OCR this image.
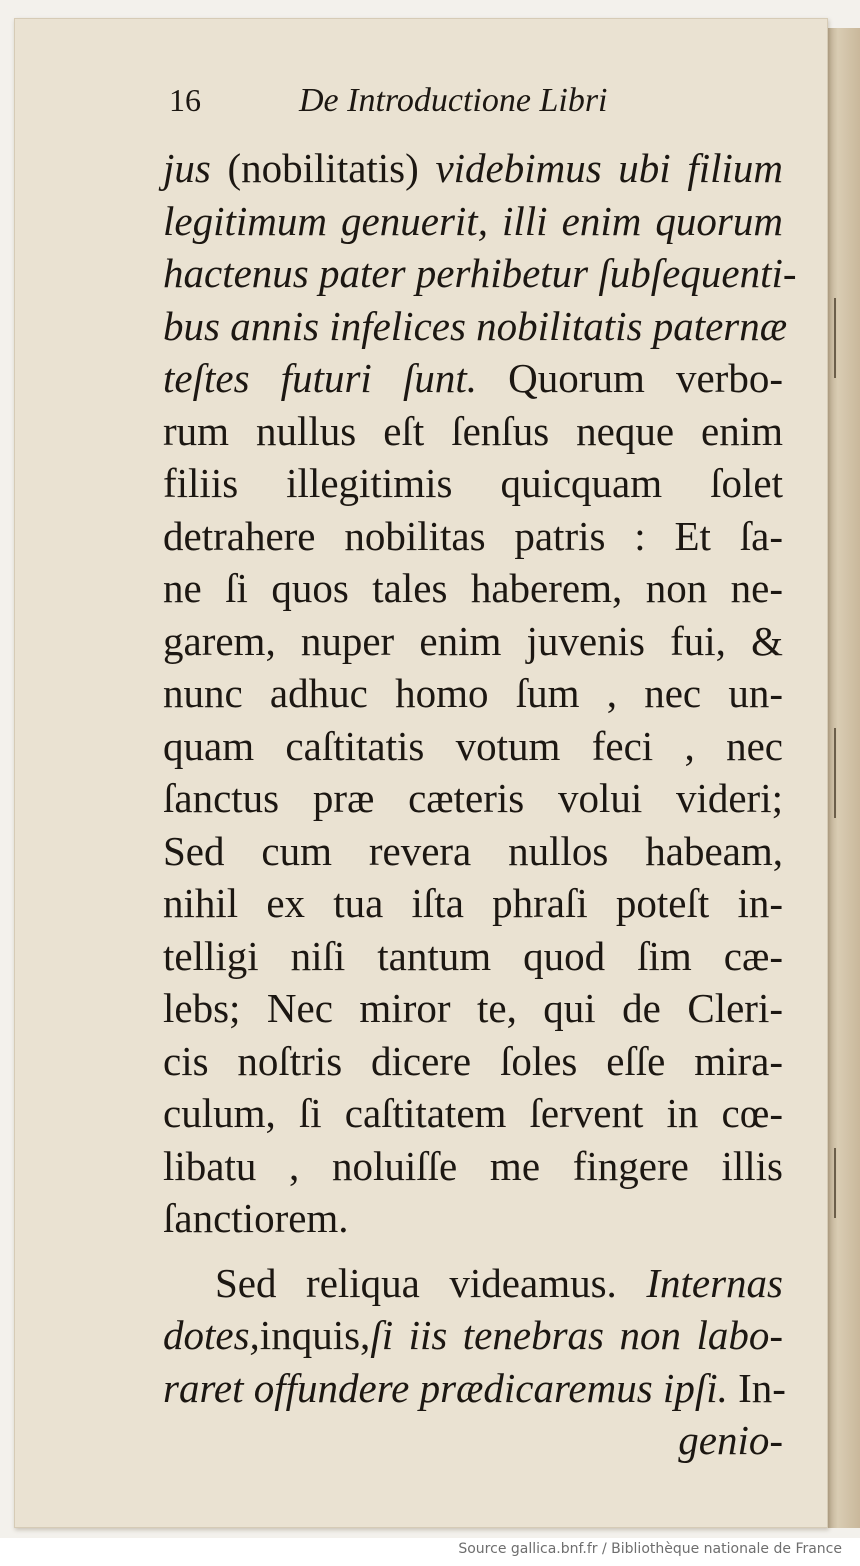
16	De Introductione Libri
jus (nobilitatis) videbimus ubi filium
legitimum genuerit, illi enim quorum
hactenus pater perhibetur ſubſequenti-
bus annis infelices nobilitatis paternæ
teſtes futuri ſunt. Quorum verbo-
rum nullus eſt ſenſus neque enim
filiis illegitimis quicquam ſolet
detrahere nobilitas patris : Et ſa-
ne ſi quos tales haberem, non ne-
garem, nuper enim juvenis fui, &
nunc adhuc homo ſum , nec un-
quam caſtitatis votum feci , nec
ſanctus præ cæteris volui videri;
Sed cum revera nullos habeam,
nihil ex tua iſta phraſi poteſt in-
telligi niſi tantum quod ſim cæ-
lebs; Nec miror te, qui de Cleri-
cis noſtris dicere ſoles eſſe mira-
culum, ſi caſtitatem ſervent in cœ-
libatu , noluiſſe me fingere illis
ſanctiorem.
Sed reliqua videamus. Internas
dotes,inquis,ſi iis tenebras non labo-
raret offundere prædicaremus ipſi. In-
genio-
Source gallica.bnf.fr / Bibliothèque nationale de France
